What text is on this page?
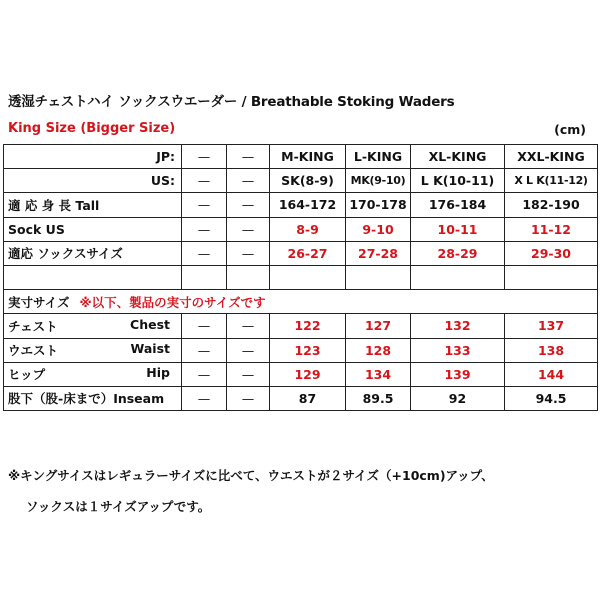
透湿チェストハイ ソックスウエーダー / Breathable Stoking Waders
King Size (Bigger Size)	(cm)
JP:	—	—	M-KING	L-KING	XL-KING	XXL-KING
US:	—	—	SK(8-9)	MK(9-10)	L K(10-11)	X L K(11-12)
適 応 身 長 Tall	—	—	164-172	170-178	176-184	182-190
Sock US	—	—	8-9	9-10	10-11	11-12
適応 ソックスサイズ	—	—	26-27	27-28	28-29	29-30

実寸サイズ ※以下、製品の実寸のサイズです						
チェスト Chest	—	—	122	127	132	137
ウエスト Waist	—	—	123	128	133	138
ヒップ Hip	—	—	129	134	139	144
股下（股-床まで）Inseam	—	—	87	89.5	92	94.5
※キングサイスはレギュラーサイズに比べて、ウエストが２サイズ（+10cm)アップ、
ソックスは１サイズアップです。
